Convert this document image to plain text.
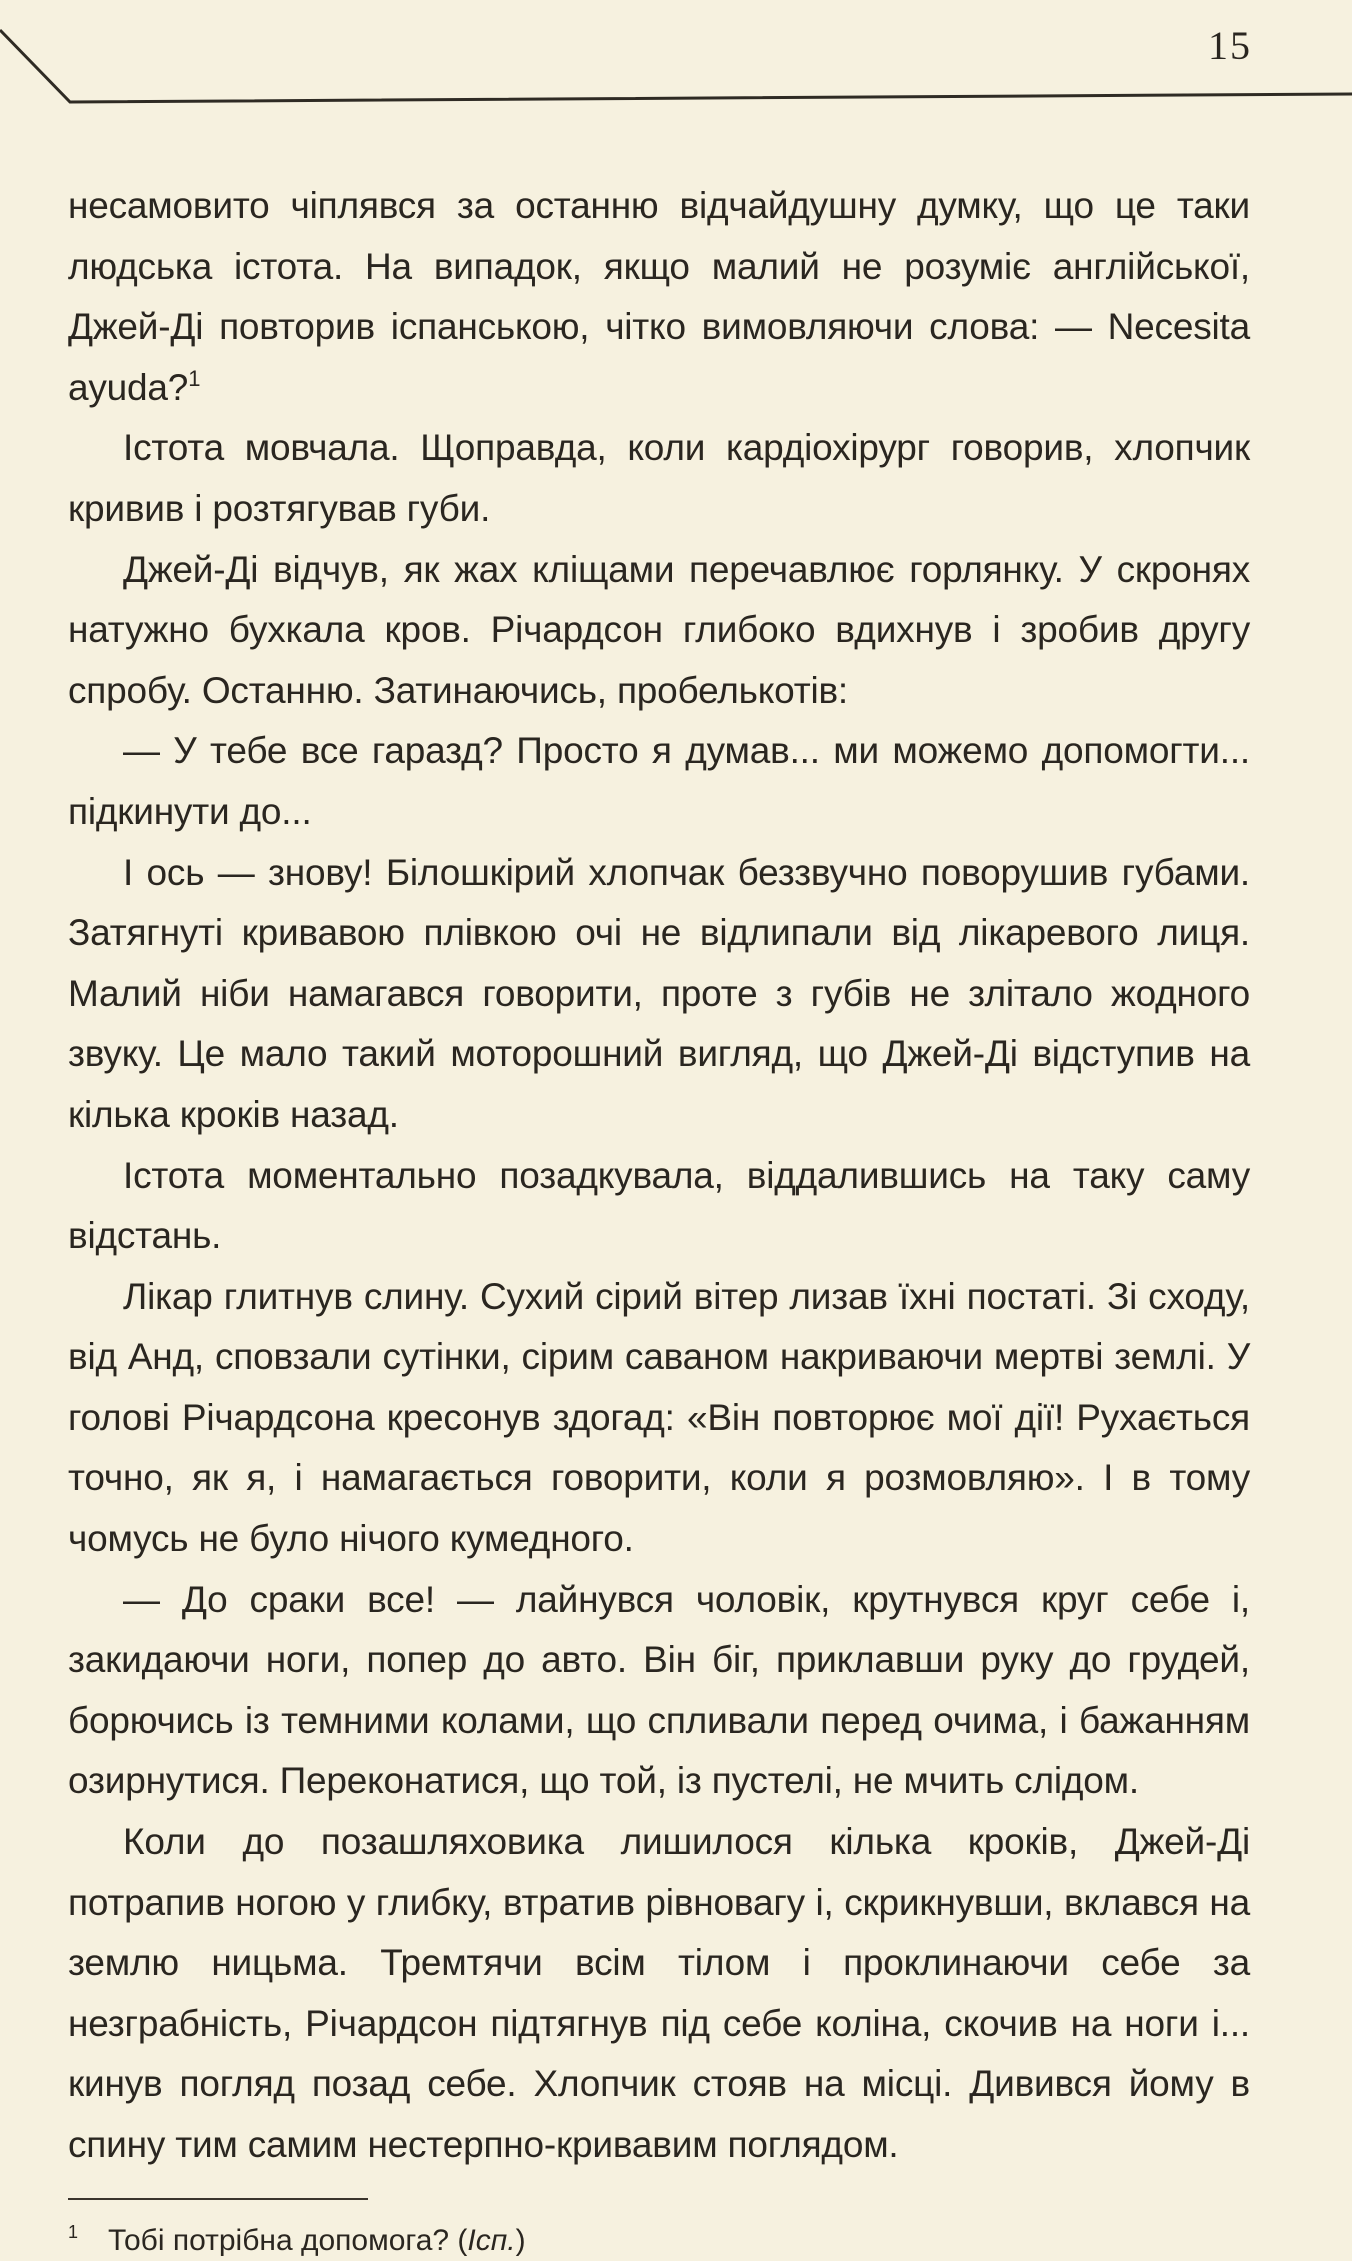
15

несамовито чіплявся за останню відчайдушну думку, що це таки людська істота. На випадок, якщо малий не розуміє англійської, Джей-Ді повторив іспанською, чітко вимовляючи слова: — Necesita ayuda?$^1$

Істота мовчала. Щоправда, коли кардіохірург говорив, хлопчик кривив і розтягував губи.

Джей-Ді відчув, як жах кліщами перечавлює горлянку. У скронях натужно бухкала кров. Річардсон глибоко вдихнув і зробив другу спробу. Останню. Затинаючись, пробелькотів:

— У тебе все гаразд? Просто я думав... ми можемо допомогти... підкинути до...

І ось — знову! Білошкірий хлопчак беззвучно поворушив губами. Затягнуті кривавою плівкою очі не відлипали від лікаревого лиця. Малий ніби намагався говорити, проте з губів не злітало жодного звуку. Це мало такий моторошний вигляд, що Джей-Ді відступив на кілька кроків назад.

Істота моментально позадкувала, віддалившись на таку саму відстань.

Лікар глитнув слину. Сухий сірий вітер лизав їхні постаті. Зі сходу, від Анд, сповзали сутінки, сірим саваном накриваючи мертві землі. У голові Річардсона кресонув здогад: «Він повторює мої дії! Рухається точно, як я, і намагається говорити, коли я розмовляю». І в тому чомусь не було нічого кумедного.

— До сраки все! — лайнувся чоловік, крутнувся круг себе і, закидаючи ноги, попер до авто. Він біг, приклавши руку до грудей, борючись із темними колами, що спливали перед очима, і бажанням озирнутися. Переконатися, що той, із пустелі, не мчить слідом.

Коли до позашляховика лишилося кілька кроків, Джей-Ді потрапив ногою у глибку, втратив рівновагу і, скрикнувши, вклався на землю ницьма. Тремтячи всім тілом і проклинаючи себе за незграбність, Річардсон підтягнув під себе коліна, скочив на ноги і... кинув погляд позад себе. Хлопчик стояв на місці. Дивився йому в спину тим самим нестерпно-кривавим поглядом.

1 Тобі потрібна допомога? (Ісп.)
